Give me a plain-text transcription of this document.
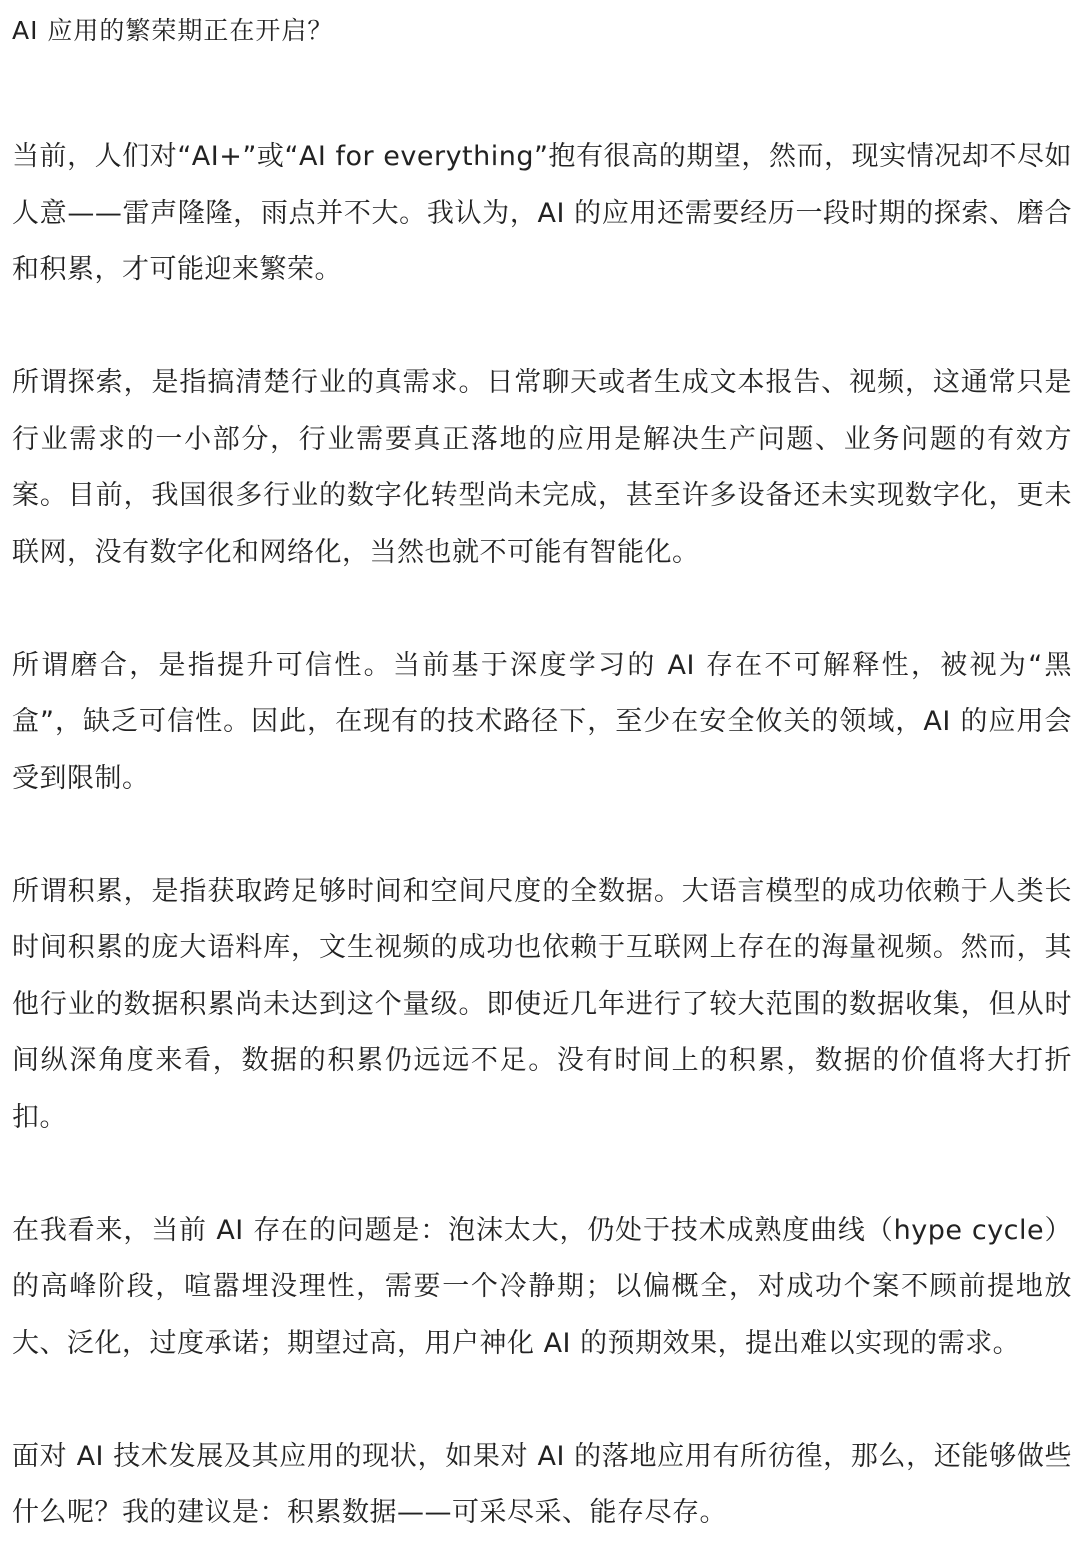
AI 应用的繁荣期正在开启？

当前，人们对“AI+”或“AI for everything”抱有很高的期望，然而，现实情况却不尽如人意——雷声隆隆，雨点并不大。我认为，AI 的应用还需要经历一段时期的探索、磨合和积累，才可能迎来繁荣。

所谓探索，是指搞清楚行业的真需求。日常聊天或者生成文本报告、视频，这通常只是行业需求的一小部分，行业需要真正落地的应用是解决生产问题、业务问题的有效方案。目前，我国很多行业的数字化转型尚未完成，甚至许多设备还未实现数字化，更未联网，没有数字化和网络化，当然也就不可能有智能化。

所谓磨合，是指提升可信性。当前基于深度学习的 AI 存在不可解释性，被视为“黑盒”，缺乏可信性。因此，在现有的技术路径下，至少在安全攸关的领域，AI 的应用会受到限制。

所谓积累，是指获取跨足够时间和空间尺度的全数据。大语言模型的成功依赖于人类长时间积累的庞大语料库，文生视频的成功也依赖于互联网上存在的海量视频。然而，其他行业的数据积累尚未达到这个量级。即使近几年进行了较大范围的数据收集，但从时间纵深角度来看，数据的积累仍远远不足。没有时间上的积累，数据的价值将大打折扣。

在我看来，当前 AI 存在的问题是：泡沫太大，仍处于技术成熟度曲线（hype cycle）的高峰阶段，喧嚣埋没理性，需要一个冷静期；以偏概全，对成功个案不顾前提地放大、泛化，过度承诺；期望过高，用户神化 AI 的预期效果，提出难以实现的需求。

面对 AI 技术发展及其应用的现状，如果对 AI 的落地应用有所彷徨，那么，还能够做些什么呢？我的建议是：积累数据——可采尽采、能存尽存。
